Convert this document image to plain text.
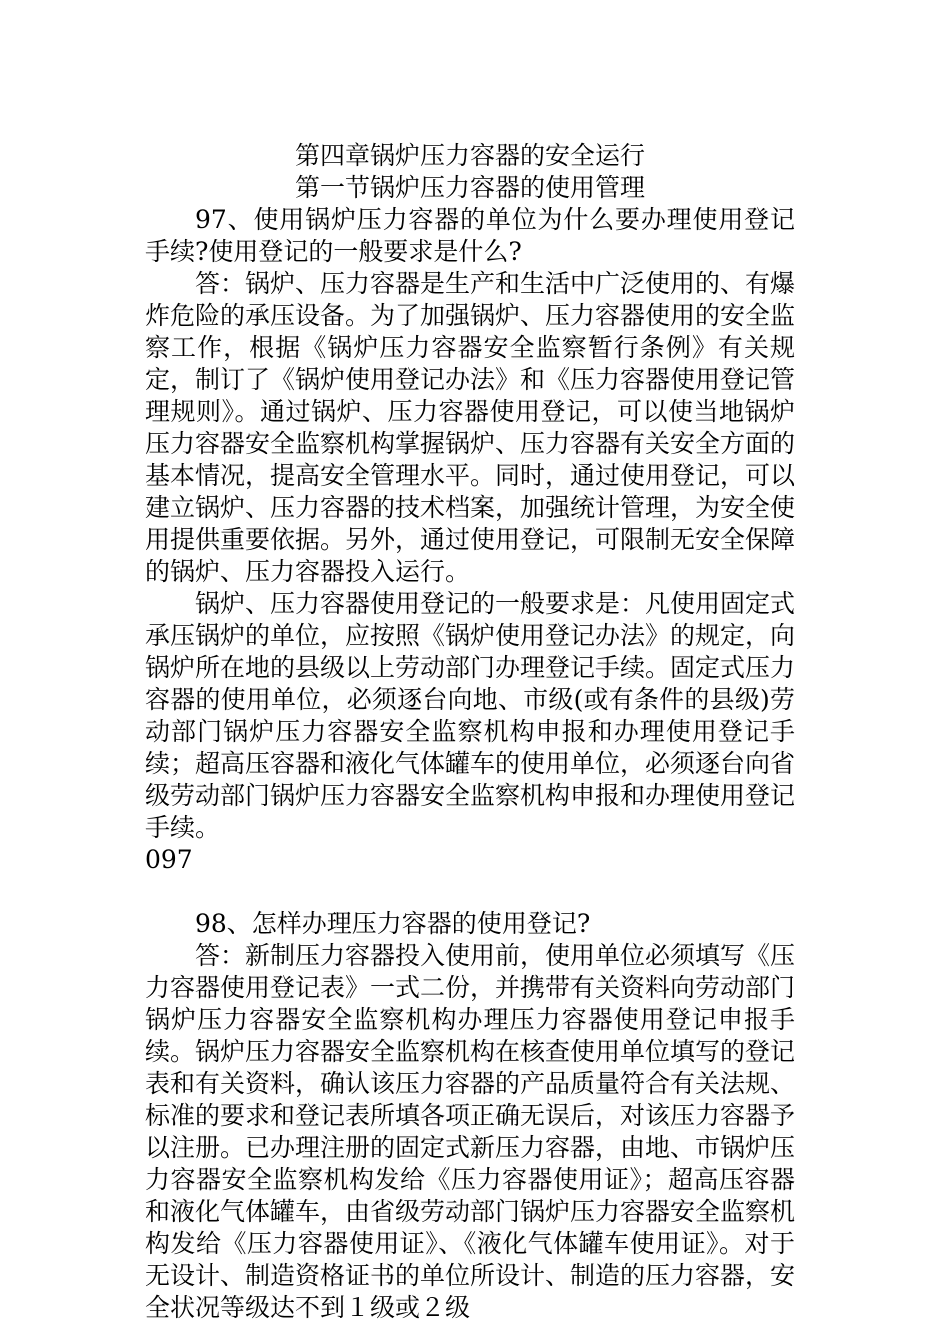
第四章锅炉压力容器的安全运行

第一节锅炉压力容器的使用管理

97、使用锅炉压力容器的单位为什么要办理使用登记手续?使用登记的一般要求是什么?

答：锅炉、压力容器是生产和生活中广泛使用的、有爆炸危险的承压设备。为了加强锅炉、压力容器使用的安全监察工作，根据《锅炉压力容器安全监察暂行条例》有关规定，制订了《锅炉使用登记办法》和《压力容器使用登记管理规则》。通过锅炉、压力容器使用登记，可以使当地锅炉压力容器安全监察机构掌握锅炉、压力容器有关安全方面的基本情况，提高安全管理水平。同时，通过使用登记，可以建立锅炉、压力容器的技术档案，加强统计管理，为安全使用提供重要依据。另外，通过使用登记，可限制无安全保障的锅炉、压力容器投入运行。

锅炉、压力容器使用登记的一般要求是：凡使用固定式承压锅炉的单位，应按照《锅炉使用登记办法》的规定，向锅炉所在地的县级以上劳动部门办理登记手续。固定式压力容器的使用单位，必须逐台向地、市级(或有条件的县级)劳动部门锅炉压力容器安全监察机构申报和办理使用登记手续；超高压容器和液化气体罐车的使用单位，必须逐台向省级劳动部门锅炉压力容器安全监察机构申报和办理使用登记手续。

097

98、怎样办理压力容器的使用登记?

答：新制压力容器投入使用前，使用单位必须填写《压力容器使用登记表》一式二份，并携带有关资料向劳动部门锅炉压力容器安全监察机构办理压力容器使用登记申报手续。锅炉压力容器安全监察机构在核查使用单位填写的登记表和有关资料，确认该压力容器的产品质量符合有关法规、标准的要求和登记表所填各项正确无误后，对该压力容器予以注册。已办理注册的固定式新压力容器，由地、市锅炉压力容器安全监察机构发给《压力容器使用证》；超高压容器和液化气体罐车，由省级劳动部门锅炉压力容器安全监察机构发给《压力容器使用证》、《液化气体罐车使用证》。对于无设计、制造资格证书的单位所设计、制造的压力容器，安全状况等级达不到１级或２级
